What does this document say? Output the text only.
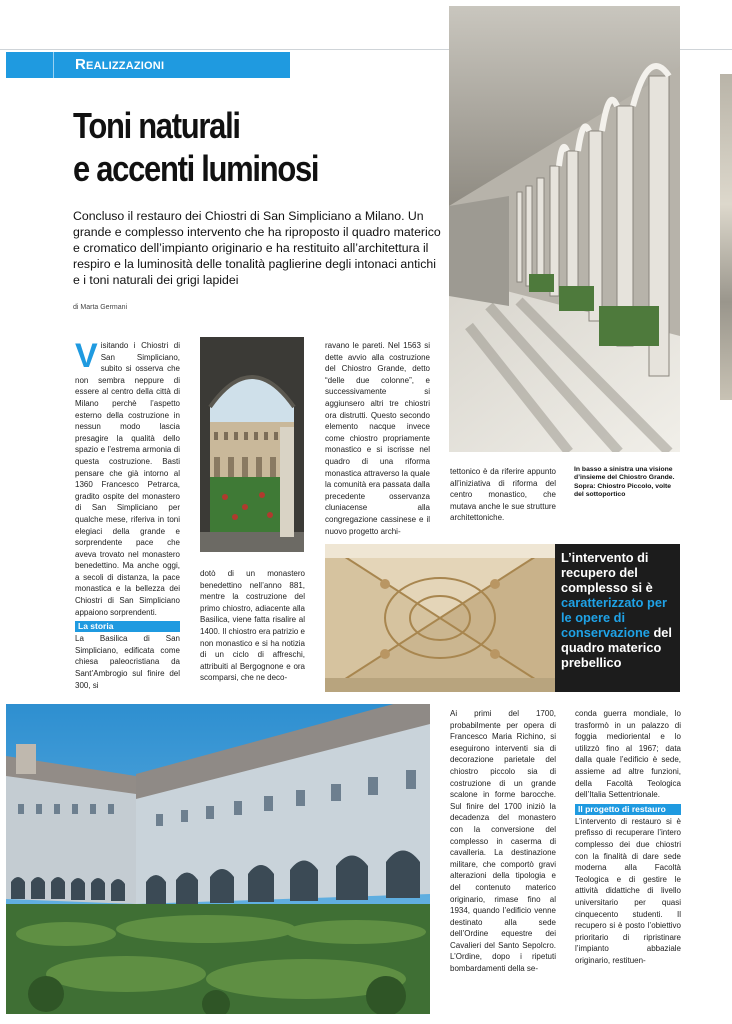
Realizzazioni
Toni naturali
e accenti luminosi
Concluso il restauro dei Chiostri di San Simpliciano a Milano. Un grande e complesso intervento che ha riproposto il quadro materico e cromatico dell’impianto originario e ha restituito all’architettura il respiro e la luminosità delle tonalità paglierine degli intonaci antichi e i toni naturali dei grigi lapidei
di Marta Germani

Visitando i Chiostri di San Simpliciano, subito si osserva che non sembra neppure di essere al centro della città di Milano perchè l’aspetto esterno della costruzione in nessun modo lascia presagire la qualità dello spazio e l’estrema armonia di questa costruzione. Basti pensare che già intorno al 1360 Francesco Petrarca, gradito ospite del monastero di San Simpliciano per qualche mese, riferiva in toni elegiaci della grande e sorprendente pace che aveva trovato nel monastero benedettino. Ma anche oggi, a secoli di distanza, la pace monastica e la bellezza dei Chiostri di San Simpliciano appaiono sorprendenti.

La storia

La Basilica di San Simpliciano, edificata come chiesa paleocristiana da Sant’Ambrogio sul finire del 300, si

dotò di un monastero benedettino nell’anno 881, mentre la costruzione del primo chiostro, adiacente alla Basilica, viene fatta risalire al 1400. Il chiostro era patrizio e non monastico e si ha notizia di un ciclo di affreschi, attribuiti al Bergognone e ora scomparsi, che ne deco-

ravano le pareti. Nel 1563 si dette avvio alla costruzione del Chiostro Grande, detto “delle due colonne”, e successivamente si aggiunsero altri tre chiostri ora distrutti. Questo secondo elemento nacque invece come chiostro propriamente monastico e si iscrisse nel quadro di una riforma monastica attraverso la quale la comunità era passata dalla precedente osservanza cluniacense alla congregazione cassinese e il nuovo progetto archi-

tettonico è da riferire appunto all’iniziativa di riforma del centro monastico, che mutava anche le sue strutture architettoniche.

In basso a sinistra una visione d’insieme del Chiostro Grande. Sopra: Chiostro Piccolo, volte del sottoportico
L’intervento di recupero del complesso si è caratterizzato per le opere di conservazione del quadro materico prebellico

Ai primi del 1700, probabilmente per opera di Francesco Maria Richino, si eseguirono interventi sia di decorazione parietale del chiostro piccolo sia di costruzione di un grande scalone in forme barocche. Sul finire del 1700 iniziò la decadenza del monastero con la conversione del complesso in caserma di cavalleria. La destinazione militare, che comportò gravi alterazioni della tipologia e del contenuto materico originario, rimase fino al 1934, quando l’edificio venne destinato alla sede dell’Ordine equestre dei Cavalieri del Santo Sepolcro. L’Ordine, dopo i ripetuti bombardamenti della se-

conda guerra mondiale, lo trasformò in un palazzo di foggia medioriental e lo utilizzò fino al 1967; data dalla quale l’edificio è sede, assieme ad altre funzioni, della Facoltà Teologica dell’Italia Settentrionale.

Il progetto di restauro

L’intervento di restauro si è prefisso di recuperare l’intero complesso dei due chiostri con la finalità di dare sede moderna alla Facoltà Teologica e di gestire le attività didattiche di livello universitario per quasi cinquecento studenti. Il recupero si è posto l’obiettivo prioritario di ripristinare l’impianto abbaziale originario, restituen-
